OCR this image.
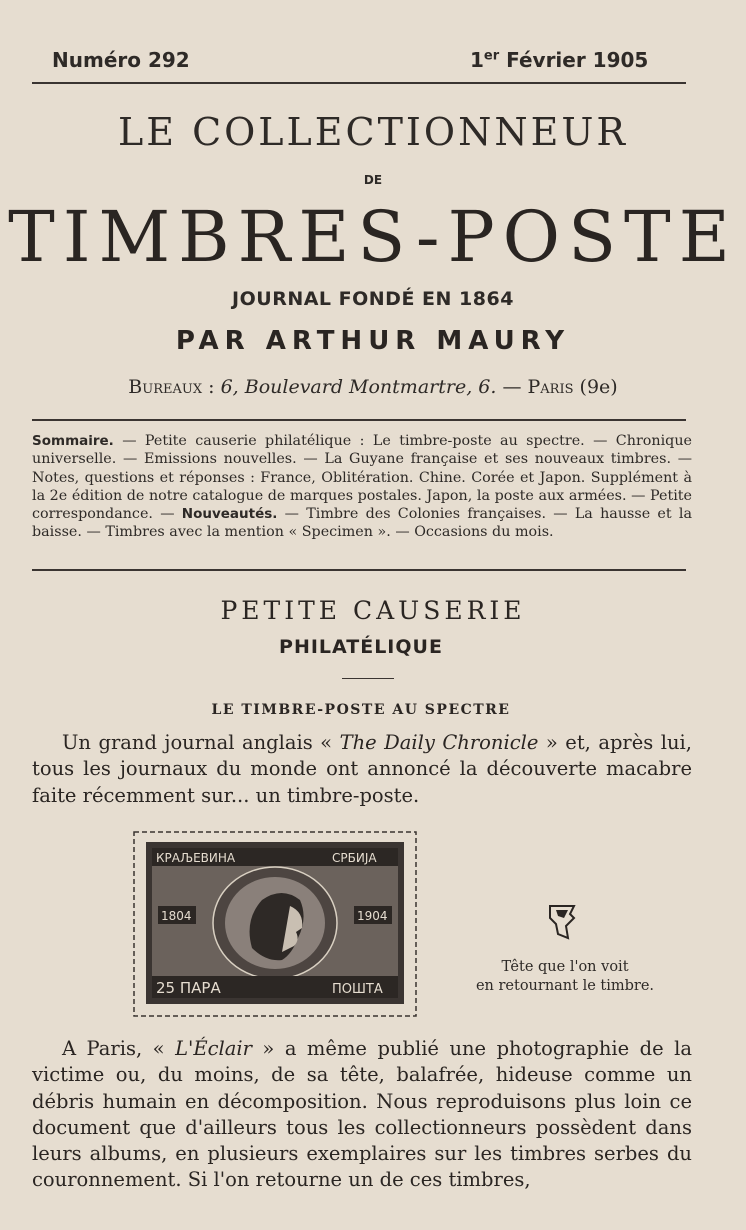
Numéro 292	1er Février 1905
LE COLLECTIONNEUR
DE
TIMBRES-POSTE
JOURNAL FONDÉ EN 1864
PAR ARTHUR MAURY
Bureaux : 6, Boulevard Montmartre, 6. — Paris (9e)
Sommaire. — Petite causerie philatélique : Le timbre-poste au spectre. — Chronique universelle. — Emissions nouvelles. — La Guyane française et ses nouveaux timbres. — Notes, questions et réponses : France, Oblitération. Chine. Corée et Japon. Supplément à la 2e édition de notre catalogue de marques postales. Japon, la poste aux armées. — Petite correspondance. — Nouveautés. — Timbre des Colonies françaises. — La hausse et la baisse. — Timbres avec la mention « Specimen ». — Occasions du mois.
PETITE CAUSERIE
PHILATÉLIQUE
LE TIMBRE-POSTE AU SPECTRE
Un grand journal anglais « The Daily Chronicle » et, après lui, tous les journaux du monde ont annoncé la découverte macabre faite récemment sur... un timbre-poste.
КРАЉЕВИНА	СРБИЈА
1804	1904
25 ПАРА	ПОШТА
Tête que l'on voit
en retournant le timbre.
A Paris, « L'Éclair » a même publié une photographie de la victime ou, du moins, de sa tête, balafrée, hideuse comme un débris humain en décomposition. Nous reproduisons plus loin ce document que d'ailleurs tous les collectionneurs possèdent dans leurs albums, en plusieurs exemplaires sur les timbres serbes du couronnement. Si l'on retourne un de ces timbres,
